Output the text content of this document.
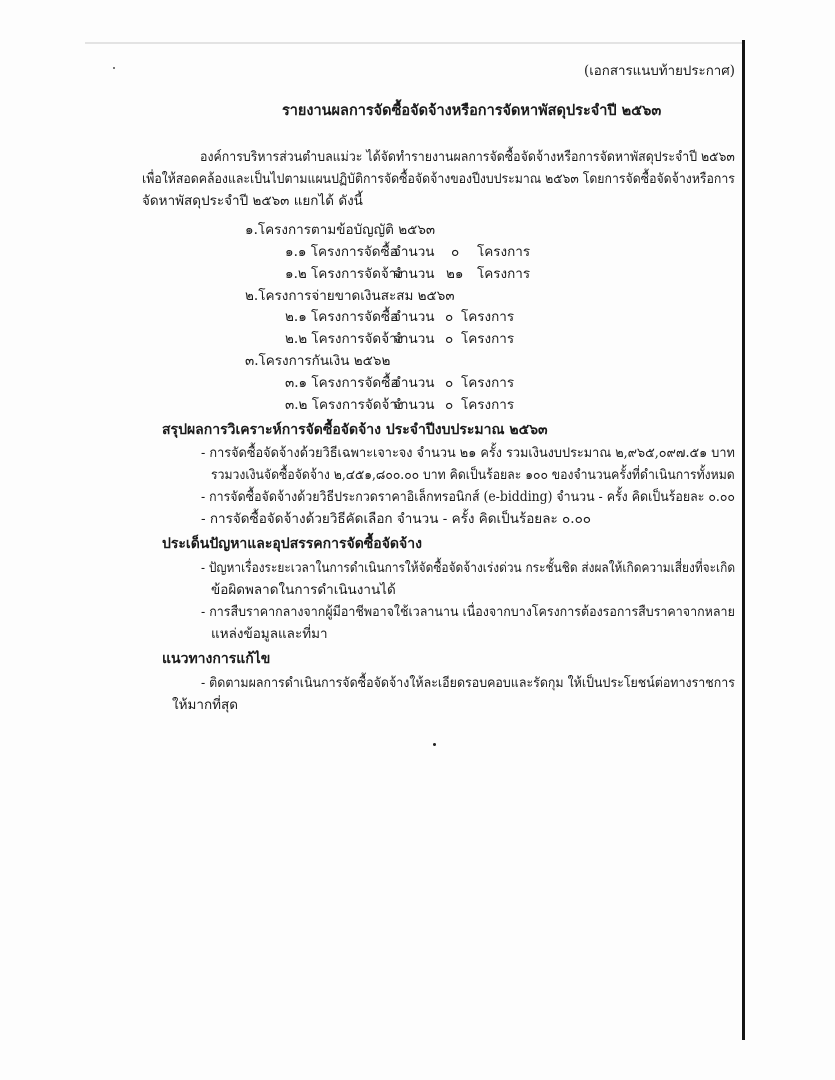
(เอกสารแนบท้ายประกาศ)
รายงานผลการจัดซื้อจัดจ้างหรือการจัดหาพัสดุประจำปี ๒๕๖๓
องค์การบริหารส่วนตำบลแม่วะ ได้จัดทำรายงานผลการจัดซื้อจัดจ้างหรือการจัดหาพัสดุประจำปี ๒๕๖๓
เพื่อให้สอดคล้องและเป็นไปตามแผนปฏิบัติการจัดซื้อจัดจ้างของปีงบประมาณ ๒๕๖๓ โดยการจัดซื้อจัดจ้างหรือการ
จัดหาพัสดุประจำปี ๒๕๖๓ แยกได้ ดังนี้
๑.โครงการตามข้อบัญญัติ ๒๕๖๓
๑.๑ โครงการจัดซื้อ
จำนวน ๐ โครงการ
๑.๒ โครงการจัดจ้าง
จำนวน ๒๑ โครงการ
๒.โครงการจ่ายขาดเงินสะสม ๒๕๖๓
๒.๑ โครงการจัดซื้อ
จำนวน ๐ โครงการ
๒.๒ โครงการจัดจ้าง
จำนวน ๐ โครงการ
๓.โครงการกันเงิน ๒๕๖๒
๓.๑ โครงการจัดซื้อ
จำนวน ๐ โครงการ
๓.๒ โครงการจัดจ้าง
จำนวน ๐ โครงการ
สรุปผลการวิเคราะห์การจัดซื้อจัดจ้าง ประจำปีงบประมาณ ๒๕๖๓
- การจัดซื้อจัดจ้างด้วยวิธีเฉพาะเจาะจง จำนวน ๒๑ ครั้ง รวมเงินงบประมาณ ๒,๙๖๕,๐๙๗.๕๑ บาท
รวมวงเงินจัดซื้อจัดจ้าง ๒,๔๕๑,๘๐๐.๐๐ บาท คิดเป็นร้อยละ ๑๐๐ ของจำนวนครั้งที่ดำเนินการทั้งหมด
- การจัดซื้อจัดจ้างด้วยวิธีประกวดราคาอิเล็กทรอนิกส์ (e-bidding) จำนวน - ครั้ง คิดเป็นร้อยละ ๐.๐๐
- การจัดซื้อจัดจ้างด้วยวิธีคัดเลือก จำนวน - ครั้ง คิดเป็นร้อยละ ๐.๐๐
ประเด็นปัญหาและอุปสรรคการจัดซื้อจัดจ้าง
- ปัญหาเรื่องระยะเวลาในการดำเนินการให้จัดซื้อจัดจ้างเร่งด่วน กระชั้นชิด ส่งผลให้เกิดความเสี่ยงที่จะเกิด
ข้อผิดพลาดในการดำเนินงานได้
- การสืบราคากลางจากผู้มีอาชีพอาจใช้เวลานาน เนื่องจากบางโครงการต้องรอการสืบราคาจากหลาย
แหล่งข้อมูลและที่มา
แนวทางการแก้ไข
- ติดตามผลการดำเนินการจัดซื้อจัดจ้างให้ละเอียดรอบคอบและรัดกุม ให้เป็นประโยชน์ต่อทางราชการ
ให้มากที่สุด
